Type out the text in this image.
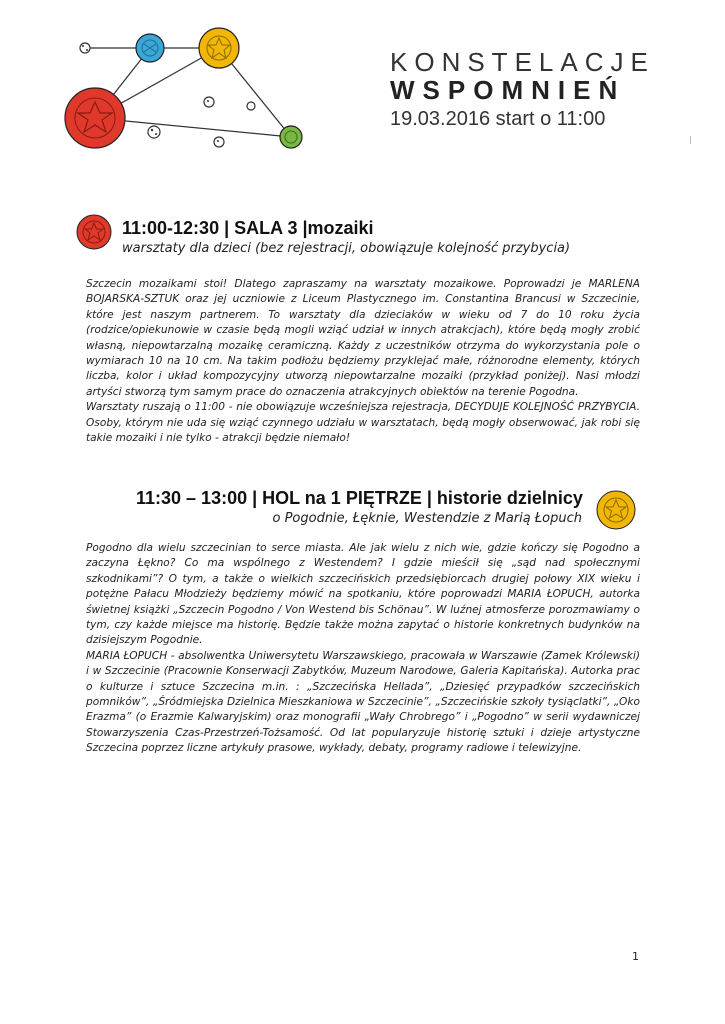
KONSTELACJE
WSPOMNIEŃ
19.03.2016 start o 11:00
11:00-12:30 | SALA 3 |mozaiki
warsztaty dla dzieci (bez rejestracji, obowiązuje kolejność przybycia)

Szczecin mozaikami stoi! Dlatego zapraszamy na warsztaty mozaikowe. Poprowadzi je MARLENA BOJARSKA-SZTUK oraz jej uczniowie z Liceum Plastycznego im. Constantina Brancusi w Szczecinie, które jest naszym partnerem. To warsztaty dla dzieciaków w wieku od 7 do 10 roku życia (rodzice/opiekunowie w czasie będą mogli wziąć udział w innych atrakcjach), które będą mogły zrobić własną, niepowtarzalną mozaikę ceramiczną. Każdy z uczestników otrzyma do wykorzystania pole o wymiarach 10 na 10 cm. Na takim podłożu będziemy przyklejać małe, różnorodne elementy, których liczba, kolor i układ kompozycyjny utworzą niepowtarzalne mozaiki (przykład poniżej). Nasi młodzi artyści stworzą tym samym prace do oznaczenia atrakcyjnych obiektów na terenie Pogodna.

Warsztaty ruszają o 11:00 - nie obowiązuje wcześniejsza rejestracja, DECYDUJE KOLEJNOŚĆ PRZYBYCIA. Osoby, którym nie uda się wziąć czynnego udziału w warsztatach, będą mogły obserwować, jak robi się takie mozaiki i nie tylko - atrakcji będzie niemało!

11:30 – 13:00 | HOL na 1 PIĘTRZE | historie dzielnicy
o Pogodnie, Łęknie, Westendzie z Marią Łopuch

Pogodno dla wielu szczecinian to serce miasta. Ale jak wielu z nich wie, gdzie kończy się Pogodno a zaczyna Łękno? Co ma wspólnego z Westendem? I gdzie mieścił się „sąd nad społecznymi szkodnikami”? O tym, a także o wielkich szczecińskich przedsiębiorcach drugiej połowy XIX wieku i potężne Pałacu Młodzieży będziemy mówić na spotkaniu, które poprowadzi MARIA ŁOPUCH, autorka świetnej książki „Szczecin Pogodno / Von Westend bis Schönau”. W luźnej atmosferze porozmawiamy o tym, czy każde miejsce ma historię. Będzie także można zapytać o historie konkretnych budynków na dzisiejszym Pogodnie.

MARIA ŁOPUCH - absolwentka Uniwersytetu Warszawskiego, pracowała w Warszawie (Zamek Królewski) i w Szczecinie (Pracownie Konserwacji Zabytków, Muzeum Narodowe, Galeria Kapitańska). Autorka prac o kulturze i sztuce Szczecina m.in. : „Szczecińska Hellada”, „Dziesięć przypadków szczecińskich pomników”, „Śródmiejska Dzielnica Mieszkaniowa w Szczecinie”, „Szczecińskie szkoły tysiąclatki”, „Oko Erazma” (o Erazmie Kalwaryjskim) oraz monografii „Wały Chrobrego” i „Pogodno” w serii wydawniczej Stowarzyszenia Czas-Przestrzeń-Tożsamość. Od lat popularyzuje historię sztuki i dzieje artystyczne Szczecina poprzez liczne artykuły prasowe, wykłady, debaty, programy radiowe i telewizyjne.

1
